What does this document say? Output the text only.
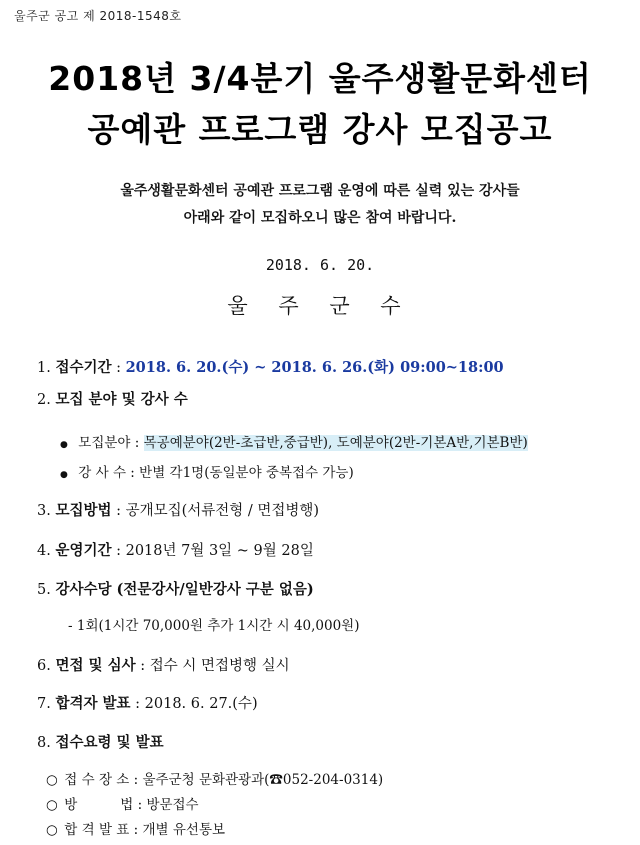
울주군 공고 제 2018-1548호
2018년 3/4분기 울주생활문화센터
공예관 프로그램 강사 모집공고
울주생활문화센터 공예관 프로그램 운영에 따른 실력 있는 강사들
아래와 같이 모집하오니 많은 참여 바랍니다.
2018. 6. 20.
울 주 군 수
1. 접수기간 : 2018. 6. 20.(수) ~ 2018. 6. 26.(화) 09:00~18:00
2. 모집 분야 및 강사 수
● 모집분야 : 목공예분야(2반-초급반,중급반), 도예분야(2반-기본A반,기본B반)
● 강 사 수 : 반별 각1명(동일분야 중복접수 가능)
3. 모집방법 : 공개모집(서류전형 / 면접병행)
4. 운영기간 : 2018년 7월 3일 ~ 9월 28일
5. 강사수당 (전문강사/일반강사 구분 없음)
- 1회(1시간 70,000원 추가 1시간 시 40,000원)
6. 면접 및 심사 : 접수 시 면접병행 실시
7. 합격자 발표 : 2018. 6. 27.(수)
8. 접수요령 및 발표
○ 접 수 장 소 : 울주군청 문화관광과(☎052-204-0314)
○ 방          법 : 방문접수
○ 합 격 발 표 : 개별 유선통보
